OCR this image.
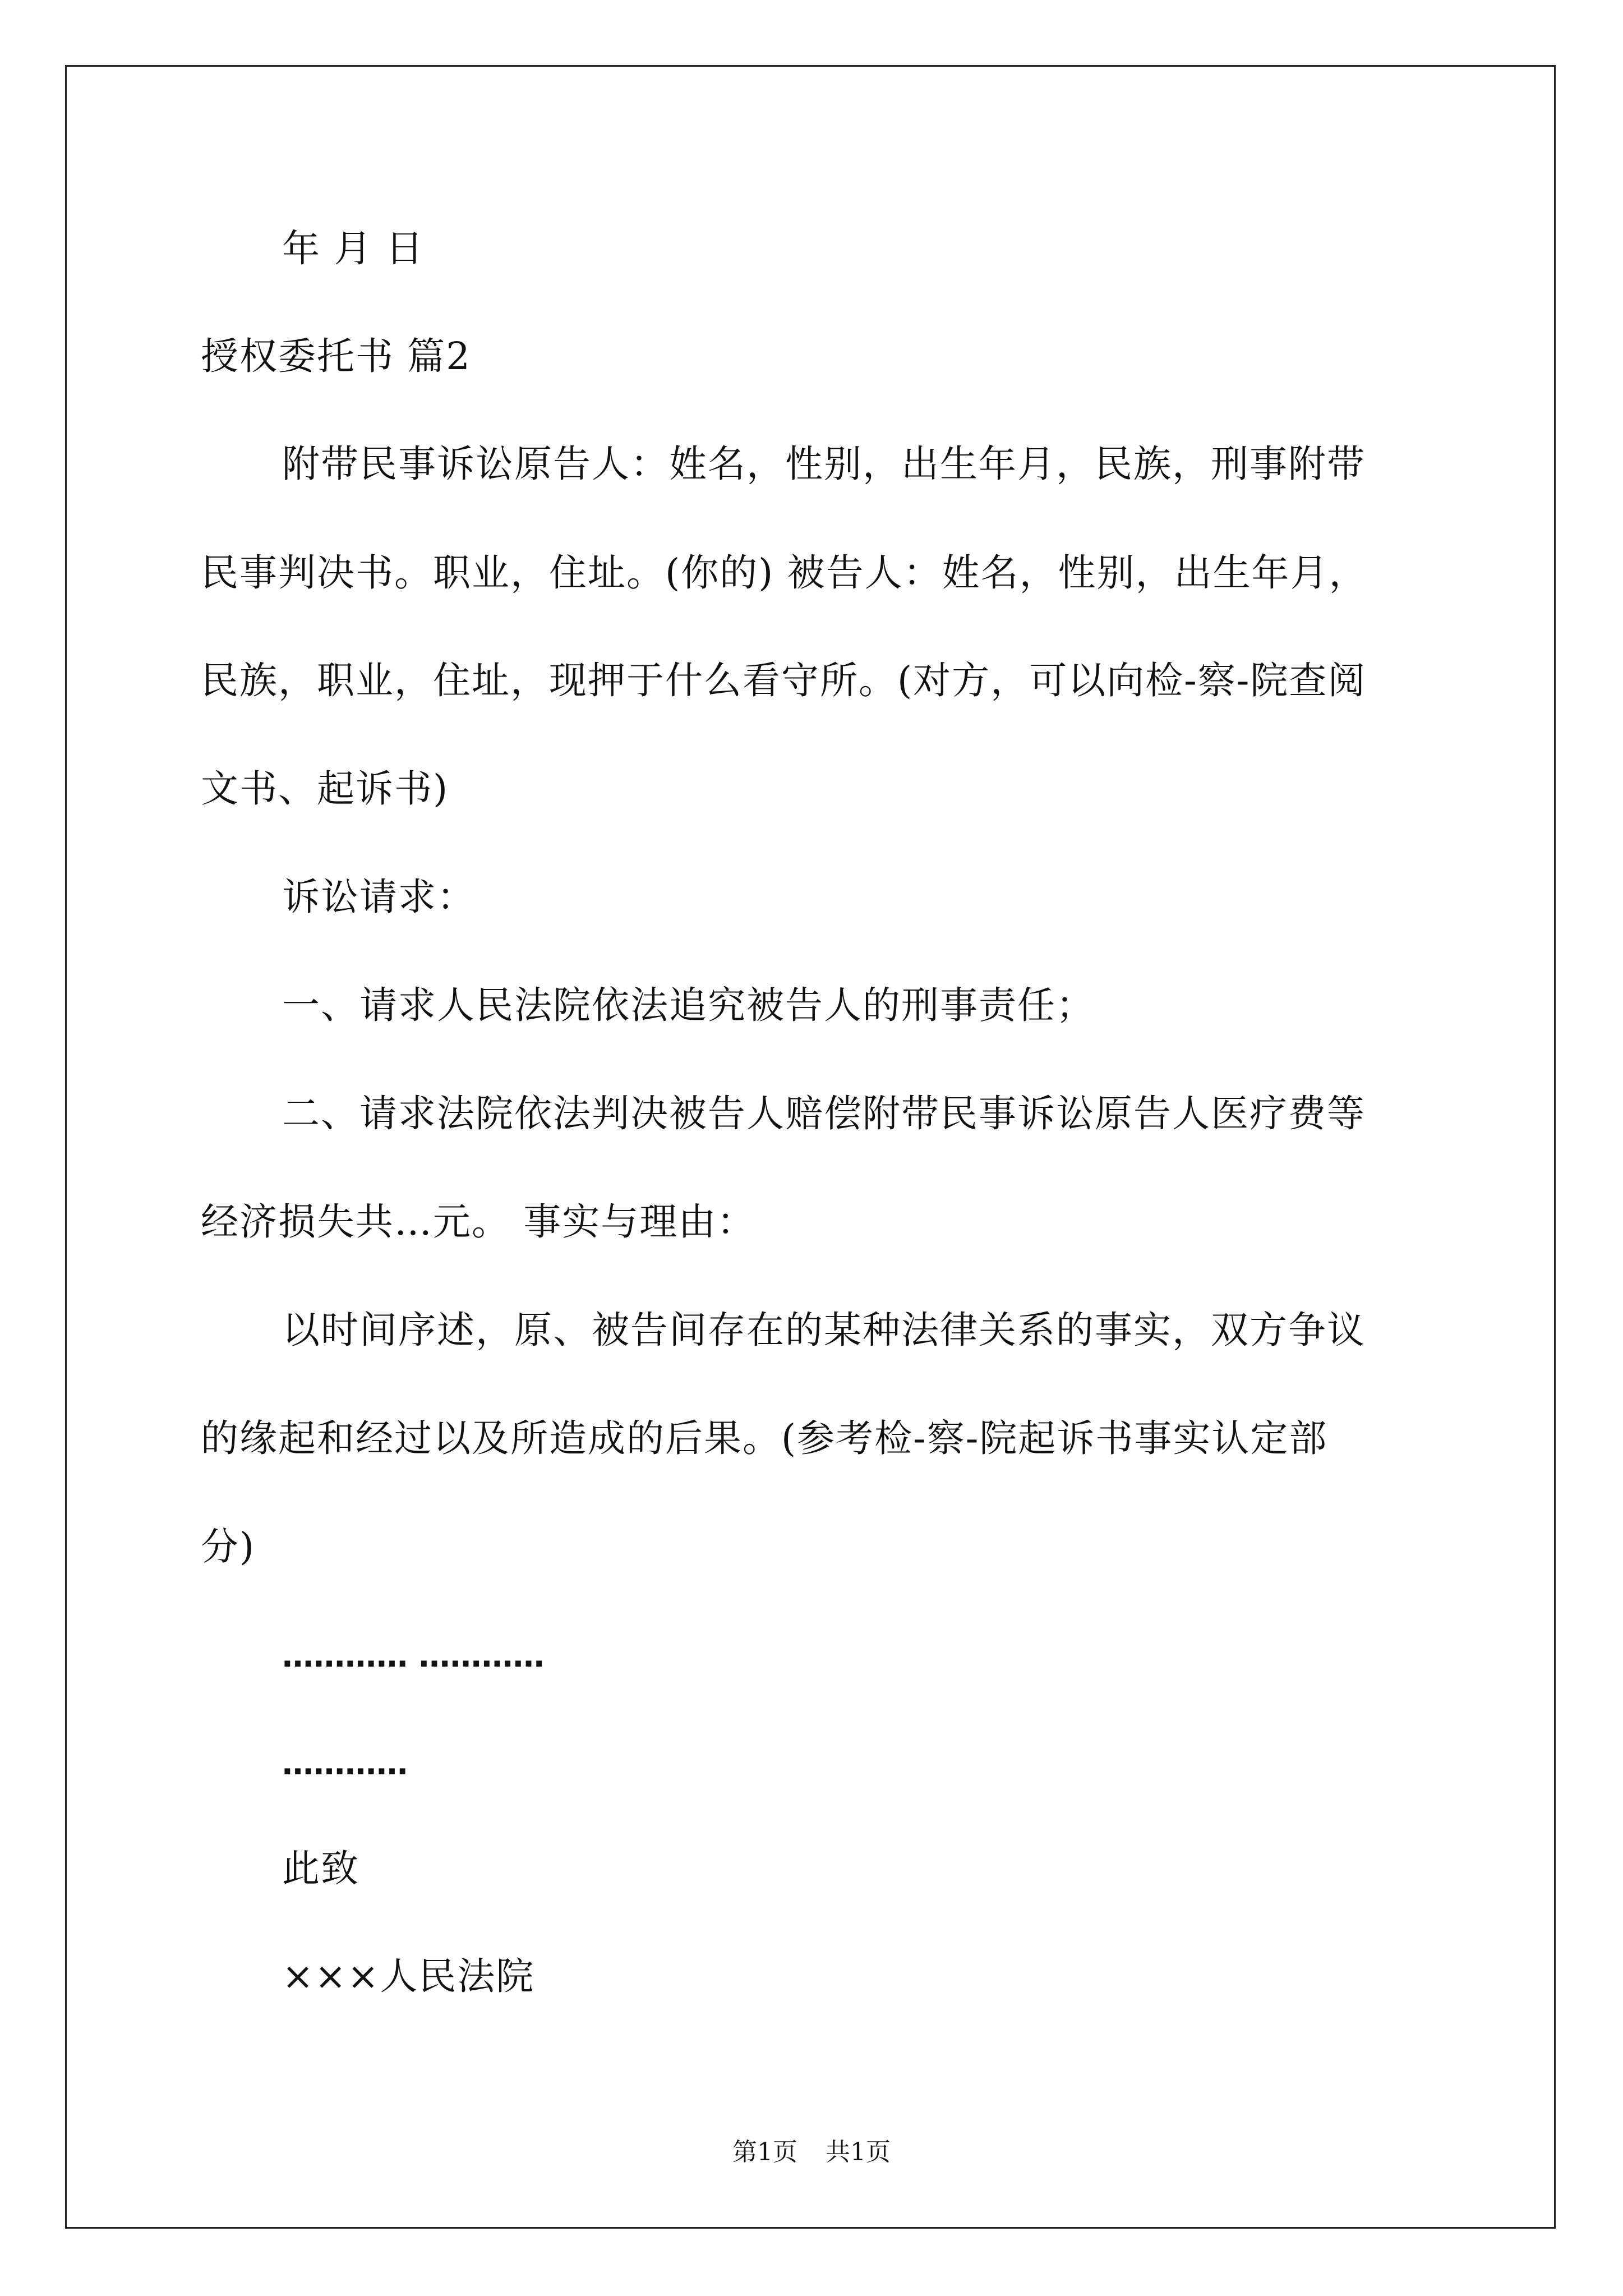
年 月 日
授权委托书 篇2
附带民事诉讼原告人：姓名，性别，出生年月，民族，刑事附带
民事判决书。职业，住址。(你的) 被告人：姓名，性别，出生年月，
民族，职业，住址，现押于什么看守所。(对方，可以向检-察-院查阅
文书、起诉书)
诉讼请求：
一、请求人民法院依法追究被告人的刑事责任；
二、请求法院依法判决被告人赔偿附带民事诉讼原告人医疗费等
经济损失共…元。 事实与理由：
以时间序述，原、被告间存在的某种法律关系的事实，双方争议
的缘起和经过以及所造成的后果。(参考检-察-院起诉书事实认定部
分)
………… …………
…………
此致
×××人民法院
第1页 共1页
